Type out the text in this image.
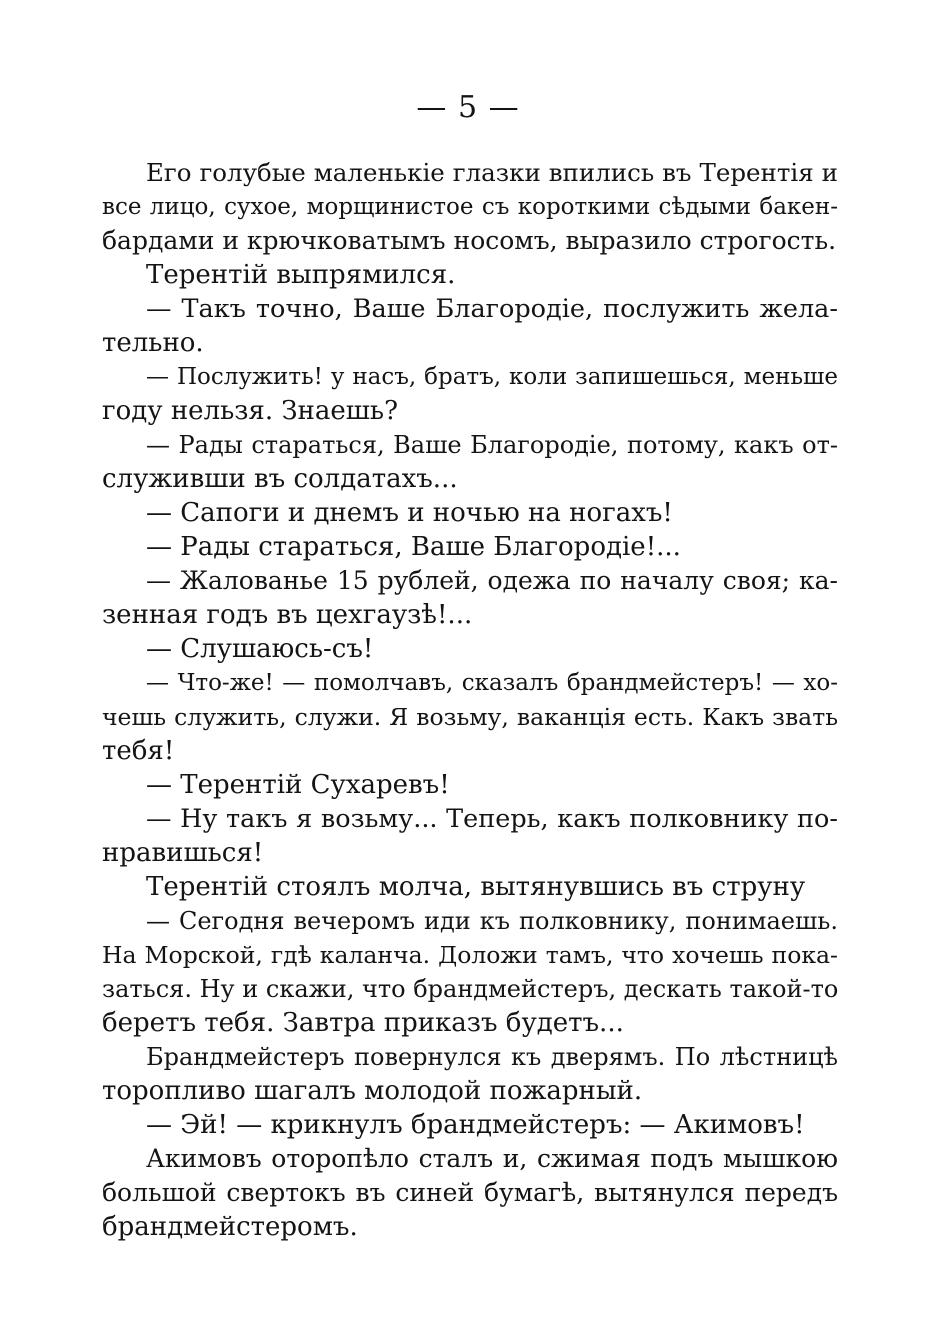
— 5 —
Его голубые маленькіе глазки впились въ Терентія и
все лицо, сухое, морщинистое съ короткими сѣдыми бакен-
бардами и крючковатымъ носомъ, выразило строгость.
Терентій выпрямился.
— Такъ точно, Ваше Благородіе, послужить жела-
тельно.
— Послужить! у насъ, братъ, коли запишешься, меньше
году нельзя. Знаешь?
— Рады стараться, Ваше Благородіе, потому, какъ от-
служивши въ солдатахъ...
— Сапоги и днемъ и ночью на ногахъ!
— Рады стараться, Ваше Благородіе!...
— Жалованье 15 рублей, одежа по началу своя; ка-
зенная годъ въ цехгаузѣ!...
— Слушаюсь-съ!
— Что-же! — помолчавъ, сказалъ брандмейстеръ! — хо-
чешь служить, служи. Я возьму, ваканція есть. Какъ звать
тебя!
— Терентій Сухаревъ!
— Ну такъ я возьму... Теперь, какъ полковнику по-
нравишься!
Терентій стоялъ молча, вытянувшись въ струну
— Сегодня вечеромъ иди къ полковнику, понимаешь.
На Морской, гдѣ каланча. Доложи тамъ, что хочешь пока-
заться. Ну и скажи, что брандмейстеръ, дескать такой-то
беретъ тебя. Завтра приказъ будетъ...
Брандмейстеръ повернулся къ дверямъ. По лѣстницѣ
торопливо шагалъ молодой пожарный.
— Эй! — крикнулъ брандмейстеръ: — Акимовъ!
Акимовъ оторопѣло сталъ и, сжимая подъ мышкою
большой свертокъ въ синей бумагѣ, вытянулся передъ
брандмейстеромъ.
